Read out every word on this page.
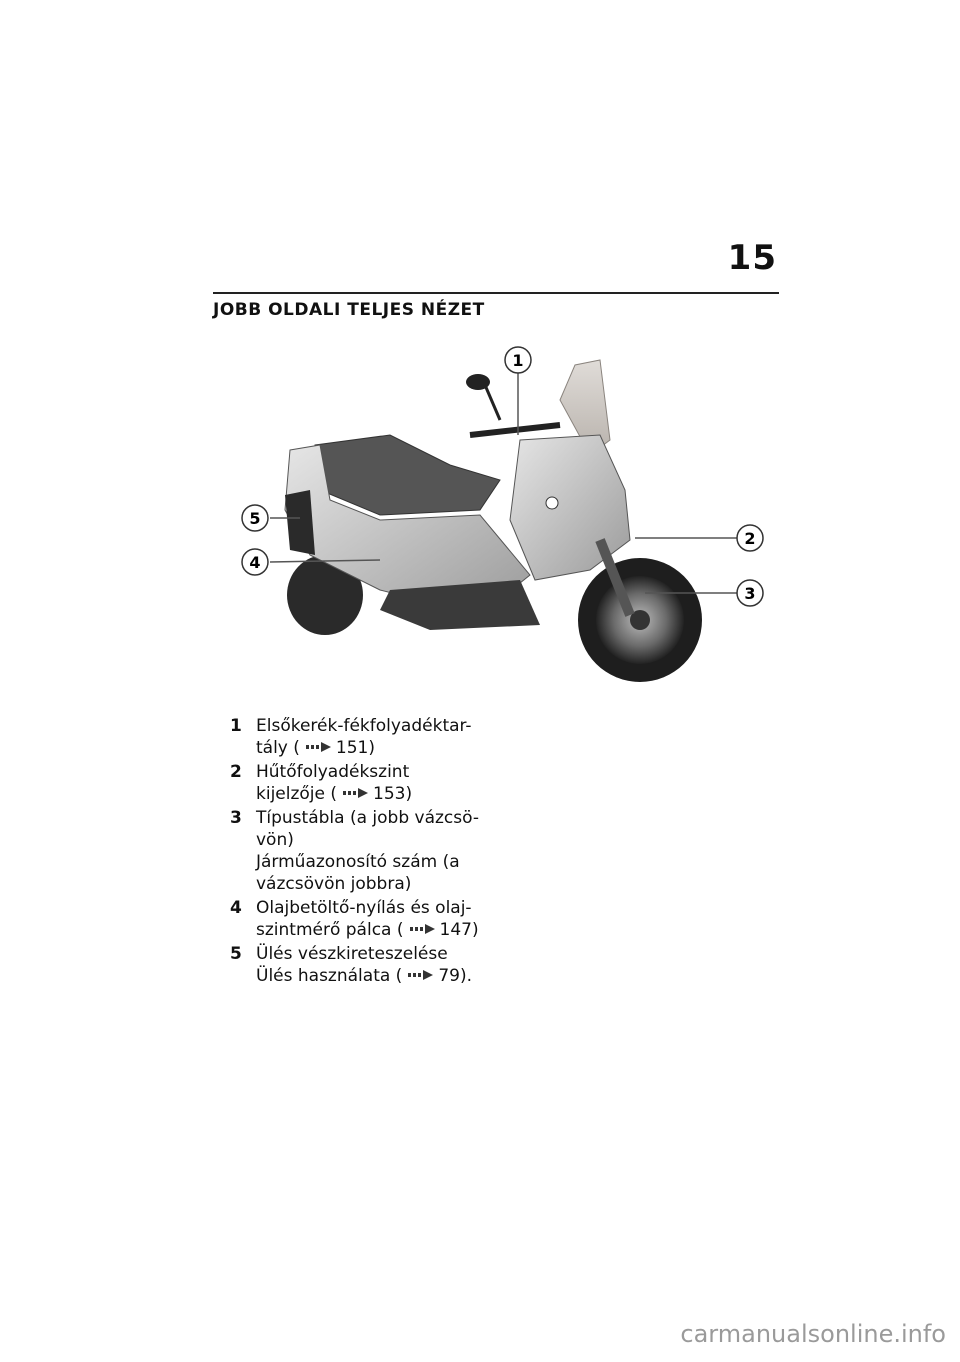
15
JOBB OLDALI TELJES NÉZET
1
2
3
4
5
1 Elsőkerék-fékfolyadéktar-
tály ( 151)
2 Hűtőfolyadékszint kijelzője ( 153)
3 Típustábla (a jobb vázcsö-
vön)
Járműazonosító szám (a
vázcsövön jobbra)
4 Olajbetöltő-nyílás és olaj-
szintmérő pálca ( 147)
5 Ülés vészkireteszelése
Ülés használata ( 79).
carmanualsonline.info
